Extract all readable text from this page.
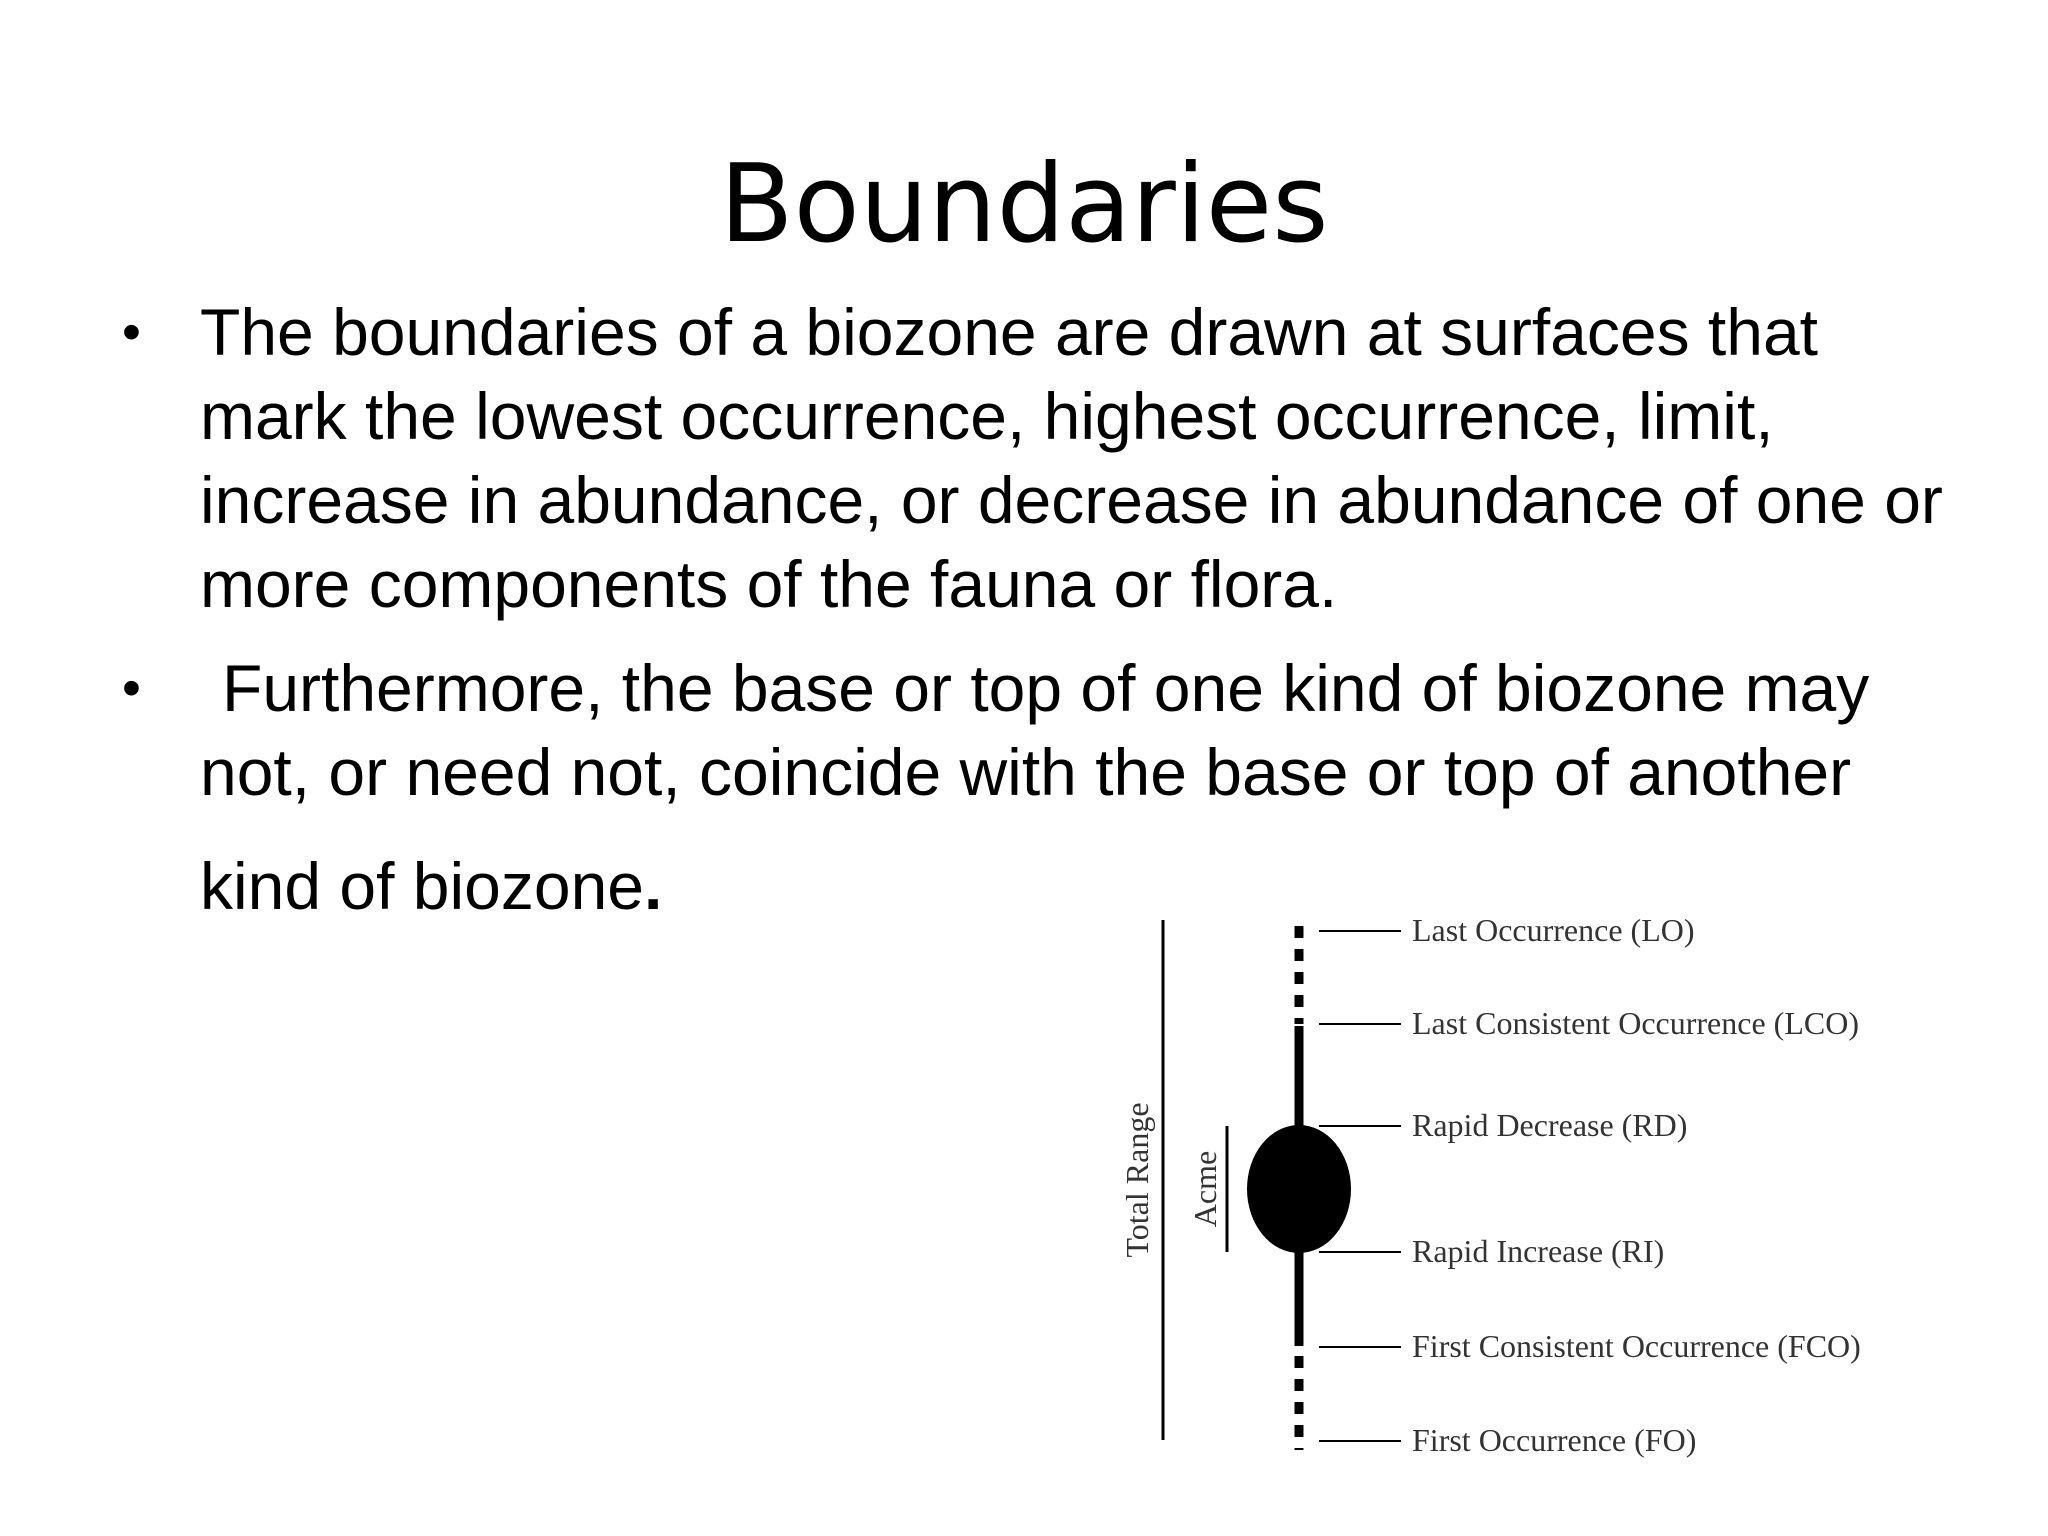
Boundaries
• The boundaries of a biozone are drawn at surfaces that mark the lowest occurrence, highest occurrence, limit, increase in abundance, or decrease in abundance of one or more components of the fauna or flora.
• Furthermore, the base or top of one kind of biozone may not, or need not, coincide with the base or top of another
kind of biozone.
Total Range Acme
Last Occurrence (LO)
Last Consistent Occurrence (LCO)
Rapid Decrease (RD)
Rapid Increase (RI)
First Consistent Occurrence (FCO)
First Occurrence (FO)
